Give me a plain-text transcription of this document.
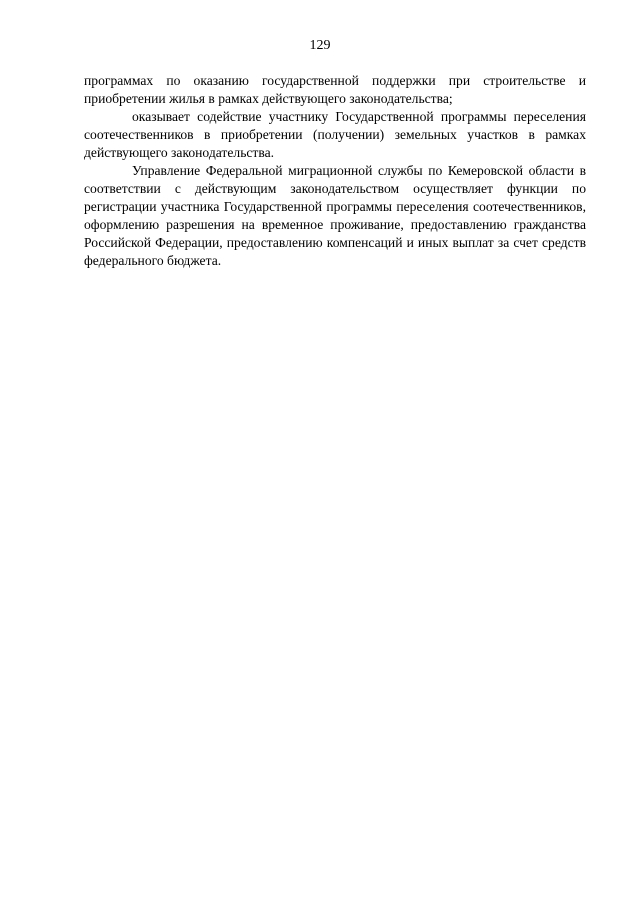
129

программах по оказанию государственной поддержки при строительстве и приобретении жилья в рамках действующего законодательства;

оказывает содействие участнику Государственной программы переселения соотечественников в приобретении (получении) земельных участков в рамках действующего законодательства.

Управление Федеральной миграционной службы по Кемеровской области в соответствии с действующим законодательством осуществляет функции по регистрации участника Государственной программы переселения соотечественников, оформлению разрешения на временное проживание, предоставлению гражданства Российской Федерации, предоставлению компенсаций и иных выплат за счет средств федерального бюджета.
